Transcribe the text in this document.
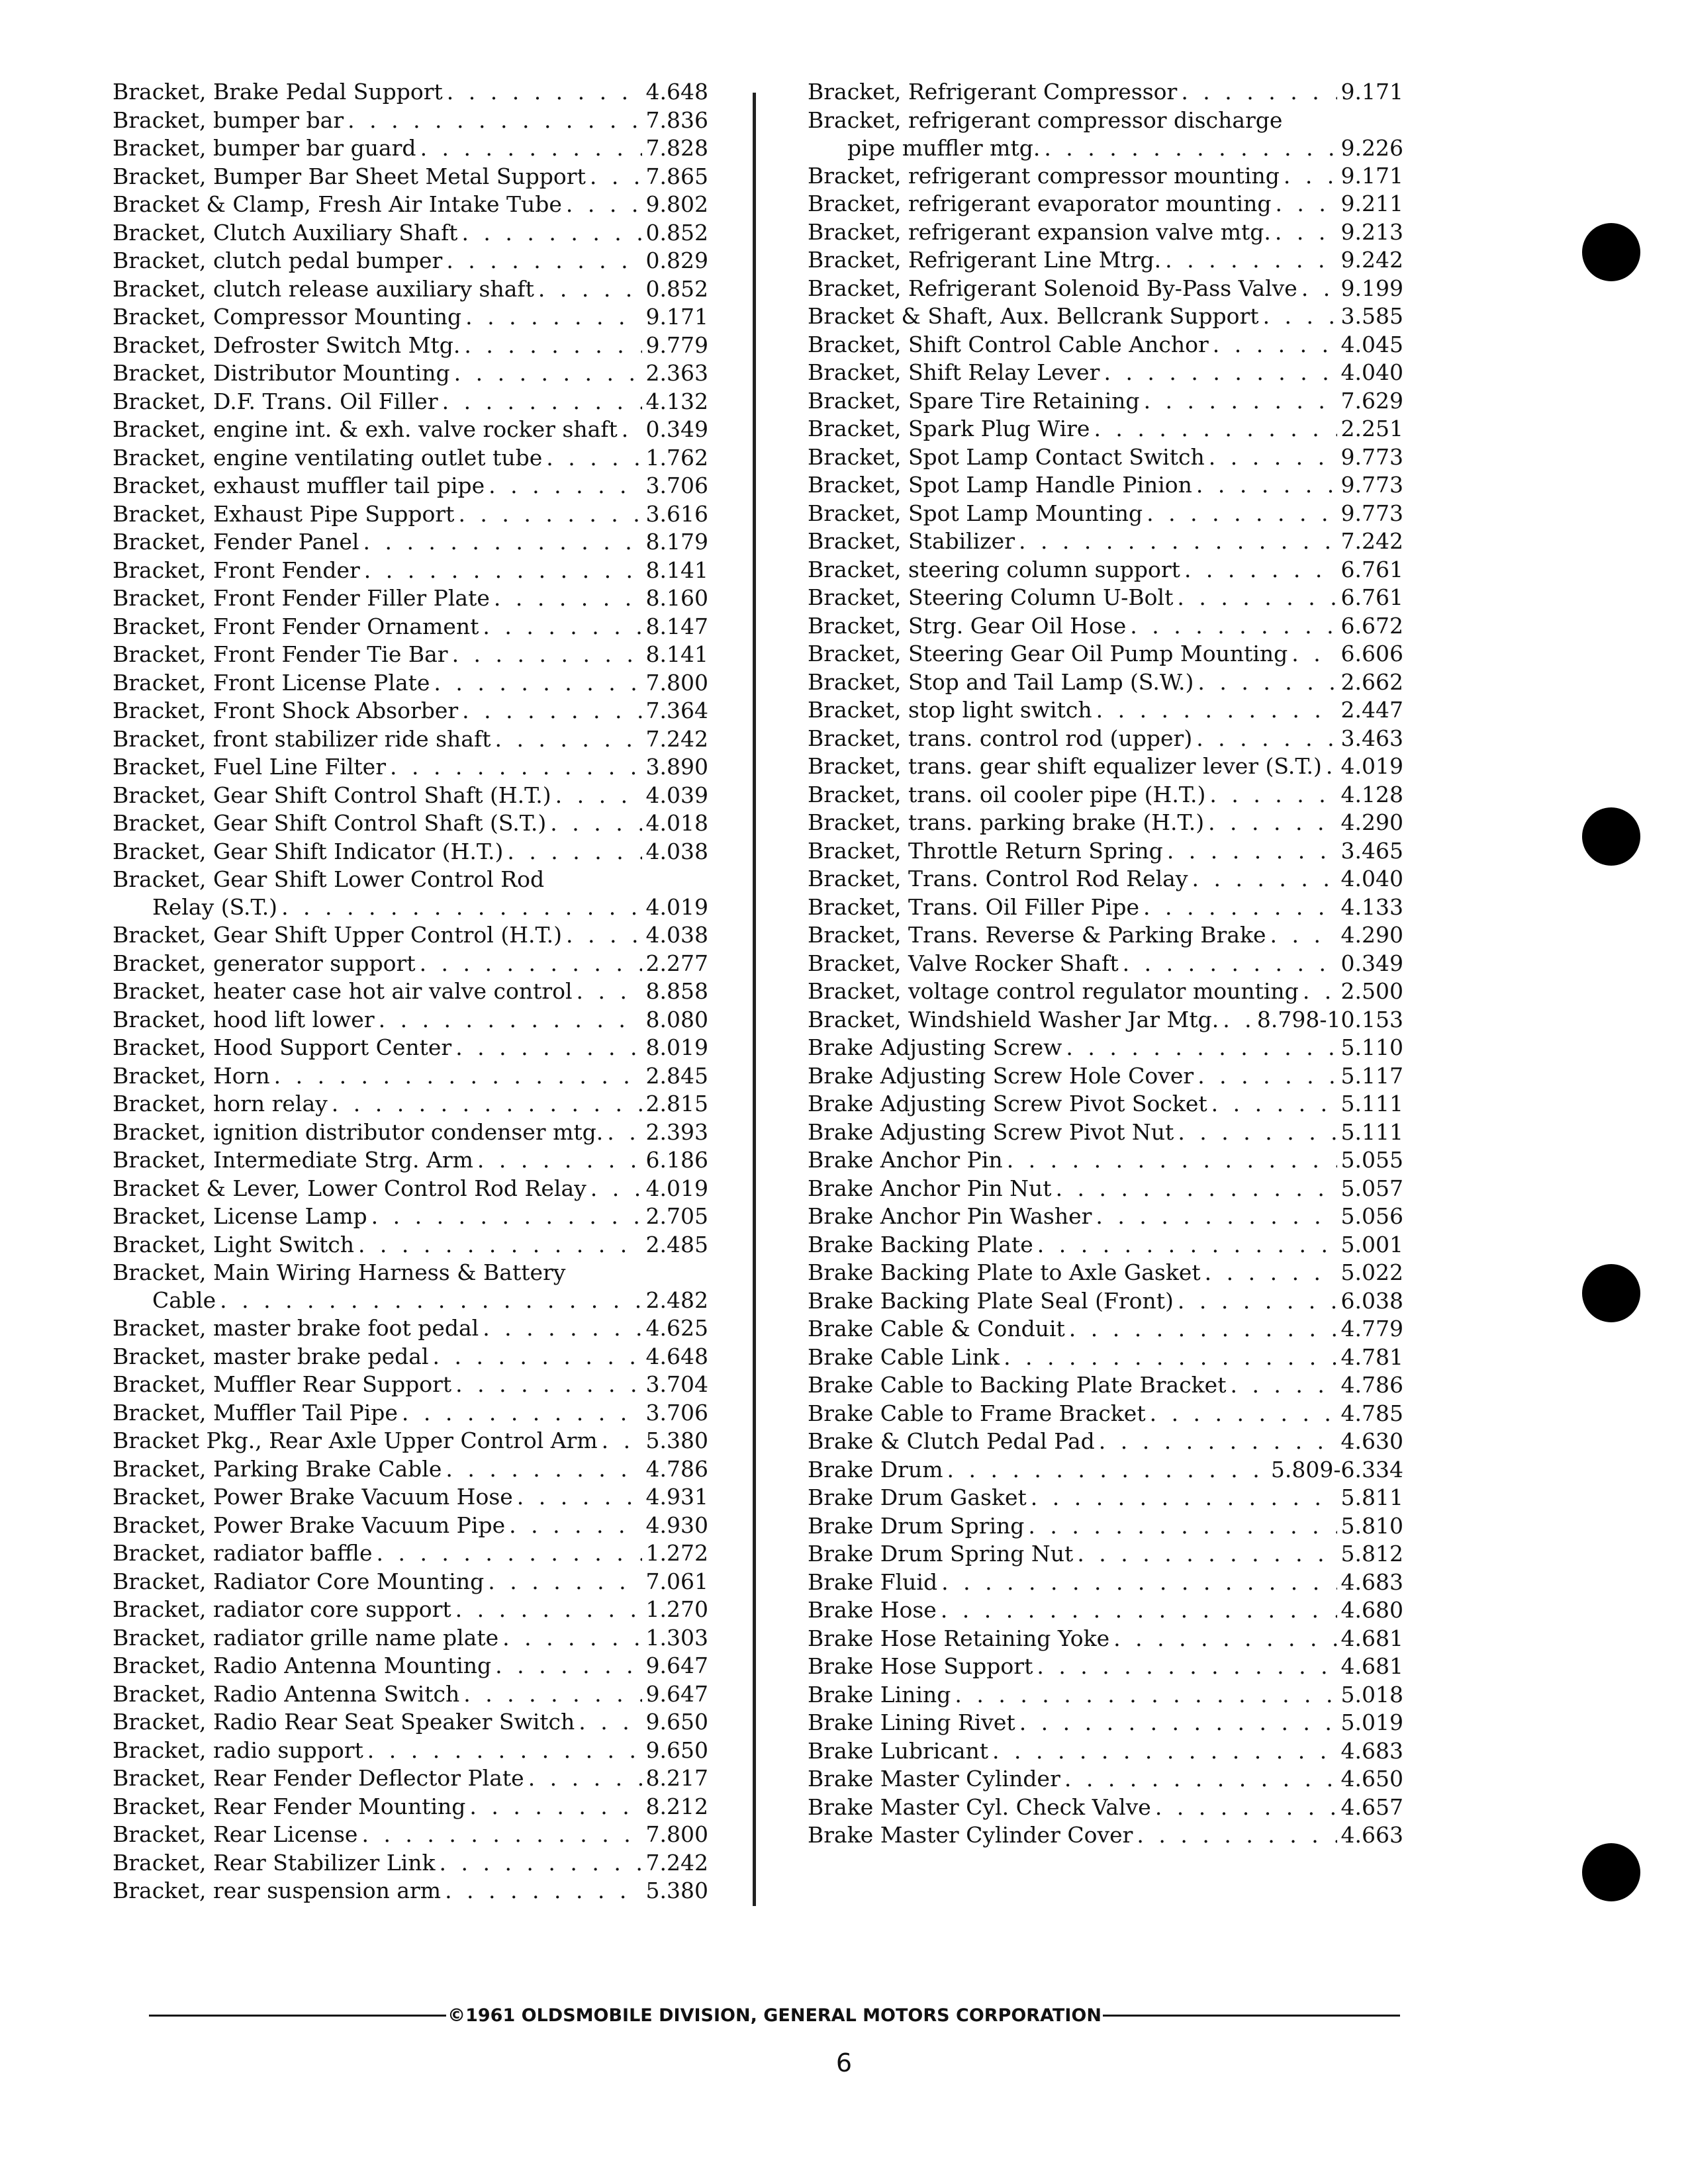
Bracket, Brake Pedal Support . . .	4.648
Bracket, bumper bar . . .	7.836
Bracket, bumper bar guard . . .	7.828
Bracket, Bumper Bar Sheet Metal Support . . .	7.865
Bracket & Clamp, Fresh Air Intake Tube . . .	9.802
Bracket, Clutch Auxiliary Shaft . . .	0.852
Bracket, clutch pedal bumper . . .	0.829
Bracket, clutch release auxiliary shaft . . .	0.852
Bracket, Compressor Mounting . . .	9.171
Bracket, Defroster Switch Mtg. . . .	9.779
Bracket, Distributor Mounting . . .	2.363
Bracket, D.F. Trans. Oil Filler . . .	4.132
Bracket, engine int. & exh. valve rocker shaft . . . 0.349
Bracket, engine ventilating outlet tube . . .	1.762
Bracket, exhaust muffler tail pipe . . .	3.706
Bracket, Exhaust Pipe Support . . .	3.616
Bracket, Fender Panel . . .	8.179
Bracket, Front Fender . . .	8.141
Bracket, Front Fender Filler Plate . . .	8.160
Bracket, Front Fender Ornament . . .	8.147
Bracket, Front Fender Tie Bar . . .	8.141
Bracket, Front License Plate . . .	7.800
Bracket, Front Shock Absorber . . .	7.364
Bracket, front stabilizer ride shaft . . .	7.242
Bracket, Fuel Line Filter . . .	3.890
Bracket, Gear Shift Control Shaft (H.T.) . . .	4.039
Bracket, Gear Shift Control Shaft (S.T.) . . .	4.018
Bracket, Gear Shift Indicator (H.T.) . . .	4.038
Bracket, Gear Shift Lower Control Rod
Relay (S.T.) . . .	4.019
Bracket, Gear Shift Upper Control (H.T.) . . .	4.038
Bracket, generator support . . .	2.277
Bracket, heater case hot air valve control . . .	8.858
Bracket, hood lift lower . . .	8.080
Bracket, Hood Support Center . . .	8.019
Bracket, Horn . . .	2.845
Bracket, horn relay . . .	2.815
Bracket, ignition distributor condenser mtg. . . . 2.393
Bracket, Intermediate Strg. Arm . . .	6.186
Bracket & Lever, Lower Control Rod Relay . . .	4.019
Bracket, License Lamp . . .	2.705
Bracket, Light Switch . . .	2.485
Bracket, Main Wiring Harness & Battery
Cable . . .	2.482
Bracket, master brake foot pedal . . .	4.625
Bracket, master brake pedal . . .	4.648
Bracket, Muffler Rear Support . . .	3.704
Bracket, Muffler Tail Pipe . . .	3.706
Bracket Pkg., Rear Axle Upper Control Arm . . . 5.380
Bracket, Parking Brake Cable . . .	4.786
Bracket, Power Brake Vacuum Hose . . .	4.931
Bracket, Power Brake Vacuum Pipe . . .	4.930
Bracket, radiator baffle . . .	1.272
Bracket, Radiator Core Mounting . . .	7.061
Bracket, radiator core support . . .	1.270
Bracket, radiator grille name plate . . .	1.303
Bracket, Radio Antenna Mounting . . .	9.647
Bracket, Radio Antenna Switch . . .	9.647
Bracket, Radio Rear Seat Speaker Switch . . .	9.650
Bracket, radio support . . .	9.650
Bracket, Rear Fender Deflector Plate . . .	8.217
Bracket, Rear Fender Mounting . . .	8.212
Bracket, Rear License . . .	7.800
Bracket, Rear Stabilizer Link . . .	7.242
Bracket, rear suspension arm . . .	5.380
Bracket, Refrigerant Compressor . . .	9.171
Bracket, refrigerant compressor discharge
pipe muffler mtg. . . .	9.226
Bracket, refrigerant compressor mounting . . .	9.171
Bracket, refrigerant evaporator mounting . . .	9.211
Bracket, refrigerant expansion valve mtg. . . .	9.213
Bracket, Refrigerant Line Mtrg. . . .	9.242
Bracket, Refrigerant Solenoid By-Pass Valve . . . 9.199
Bracket & Shaft, Aux. Bellcrank Support . . .	3.585
Bracket, Shift Control Cable Anchor . . .	4.045
Bracket, Shift Relay Lever . . .	4.040
Bracket, Spare Tire Retaining . . .	7.629
Bracket, Spark Plug Wire . . .	2.251
Bracket, Spot Lamp Contact Switch . . .	9.773
Bracket, Spot Lamp Handle Pinion . . .	9.773
Bracket, Spot Lamp Mounting . . .	9.773
Bracket, Stabilizer . . .	7.242
Bracket, steering column support . . .	6.761
Bracket, Steering Column U-Bolt . . .	6.761
Bracket, Strg. Gear Oil Hose . . .	6.672
Bracket, Steering Gear Oil Pump Mounting . . . 6.606
Bracket, Stop and Tail Lamp (S.W.) . . .	2.662
Bracket, stop light switch . . .	2.447
Bracket, trans. control rod (upper) . . .	3.463
Bracket, trans. gear shift equalizer lever (S.T.) . . . 4.019
Bracket, trans. oil cooler pipe (H.T.) . . .	4.128
Bracket, trans. parking brake (H.T.) . . .	4.290
Bracket, Throttle Return Spring . . .	3.465
Bracket, Trans. Control Rod Relay . . .	4.040
Bracket, Trans. Oil Filler Pipe . . .	4.133
Bracket, Trans. Reverse & Parking Brake . . .	4.290
Bracket, Valve Rocker Shaft . . .	0.349
Bracket, voltage control regulator mounting . . . 2.500
Bracket, Windshield Washer Jar Mtg. . . . 8.798-10.153
Brake Adjusting Screw . . .	5.110
Brake Adjusting Screw Hole Cover . . .	5.117
Brake Adjusting Screw Pivot Socket . . .	5.111
Brake Adjusting Screw Pivot Nut . . .	5.111
Brake Anchor Pin . . .	5.055
Brake Anchor Pin Nut . . .	5.057
Brake Anchor Pin Washer . . .	5.056
Brake Backing Plate . . .	5.001
Brake Backing Plate to Axle Gasket . . .	5.022
Brake Backing Plate Seal (Front) . . .	6.038
Brake Cable & Conduit . . .	4.779
Brake Cable Link . . .	4.781
Brake Cable to Backing Plate Bracket . . .	4.786
Brake Cable to Frame Bracket . . .	4.785
Brake & Clutch Pedal Pad . . .	4.630
Brake Drum . . .	5.809-6.334
Brake Drum Gasket . . .	5.811
Brake Drum Spring . . .	5.810
Brake Drum Spring Nut . . .	5.812
Brake Fluid . . .	4.683
Brake Hose . . .	4.680
Brake Hose Retaining Yoke . . .	4.681
Brake Hose Support . . .	4.681
Brake Lining . . .	5.018
Brake Lining Rivet . . .	5.019
Brake Lubricant . . .	4.683
Brake Master Cylinder . . .	4.650
Brake Master Cyl. Check Valve . . .	4.657
Brake Master Cylinder Cover . . .	4.663
©1961 OLDSMOBILE DIVISION, GENERAL MOTORS CORPORATION
6
